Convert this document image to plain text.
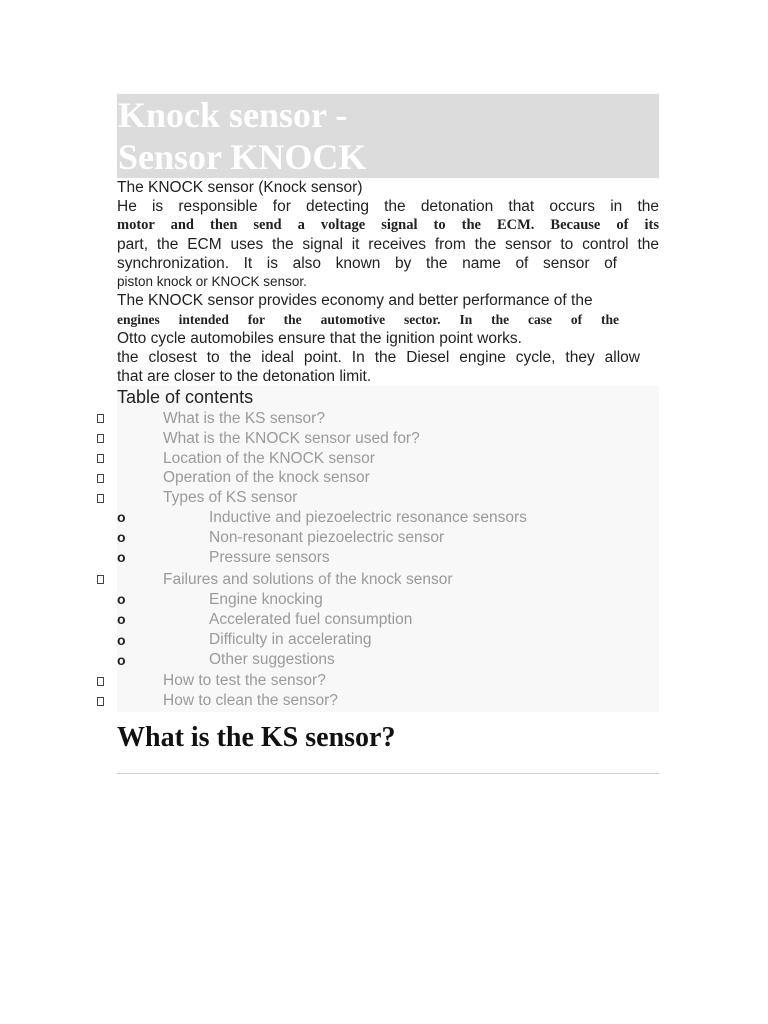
Knock sensor -
Sensor KNOCK
The KNOCK sensor (Knock sensor)
He is responsible for detecting the detonation that occurs in the
motor and then send a voltage signal to the ECM. Because of its
part, the ECM uses the signal it receives from the sensor to control the
synchronization. It is also known by the name of sensor of
piston knock or KNOCK sensor.
The KNOCK sensor provides economy and better performance of the
engines intended for the automotive sector. In the case of the
Otto cycle automobiles ensure that the ignition point works.
the closest to the ideal point. In the Diesel engine cycle, they allow
that are closer to the detonation limit.
Table of contents
What is the KS sensor?
What is the KNOCK sensor used for?
Location of the KNOCK sensor
Operation of the knock sensor
Types of KS sensor
o	Inductive and piezoelectric resonance sensors
o	Non-resonant piezoelectric sensor
o	Pressure sensors
Failures and solutions of the knock sensor
o	Engine knocking
o	Accelerated fuel consumption
o	Difficulty in accelerating
o	Other suggestions
How to test the sensor?
How to clean the sensor?
What is the KS sensor?
